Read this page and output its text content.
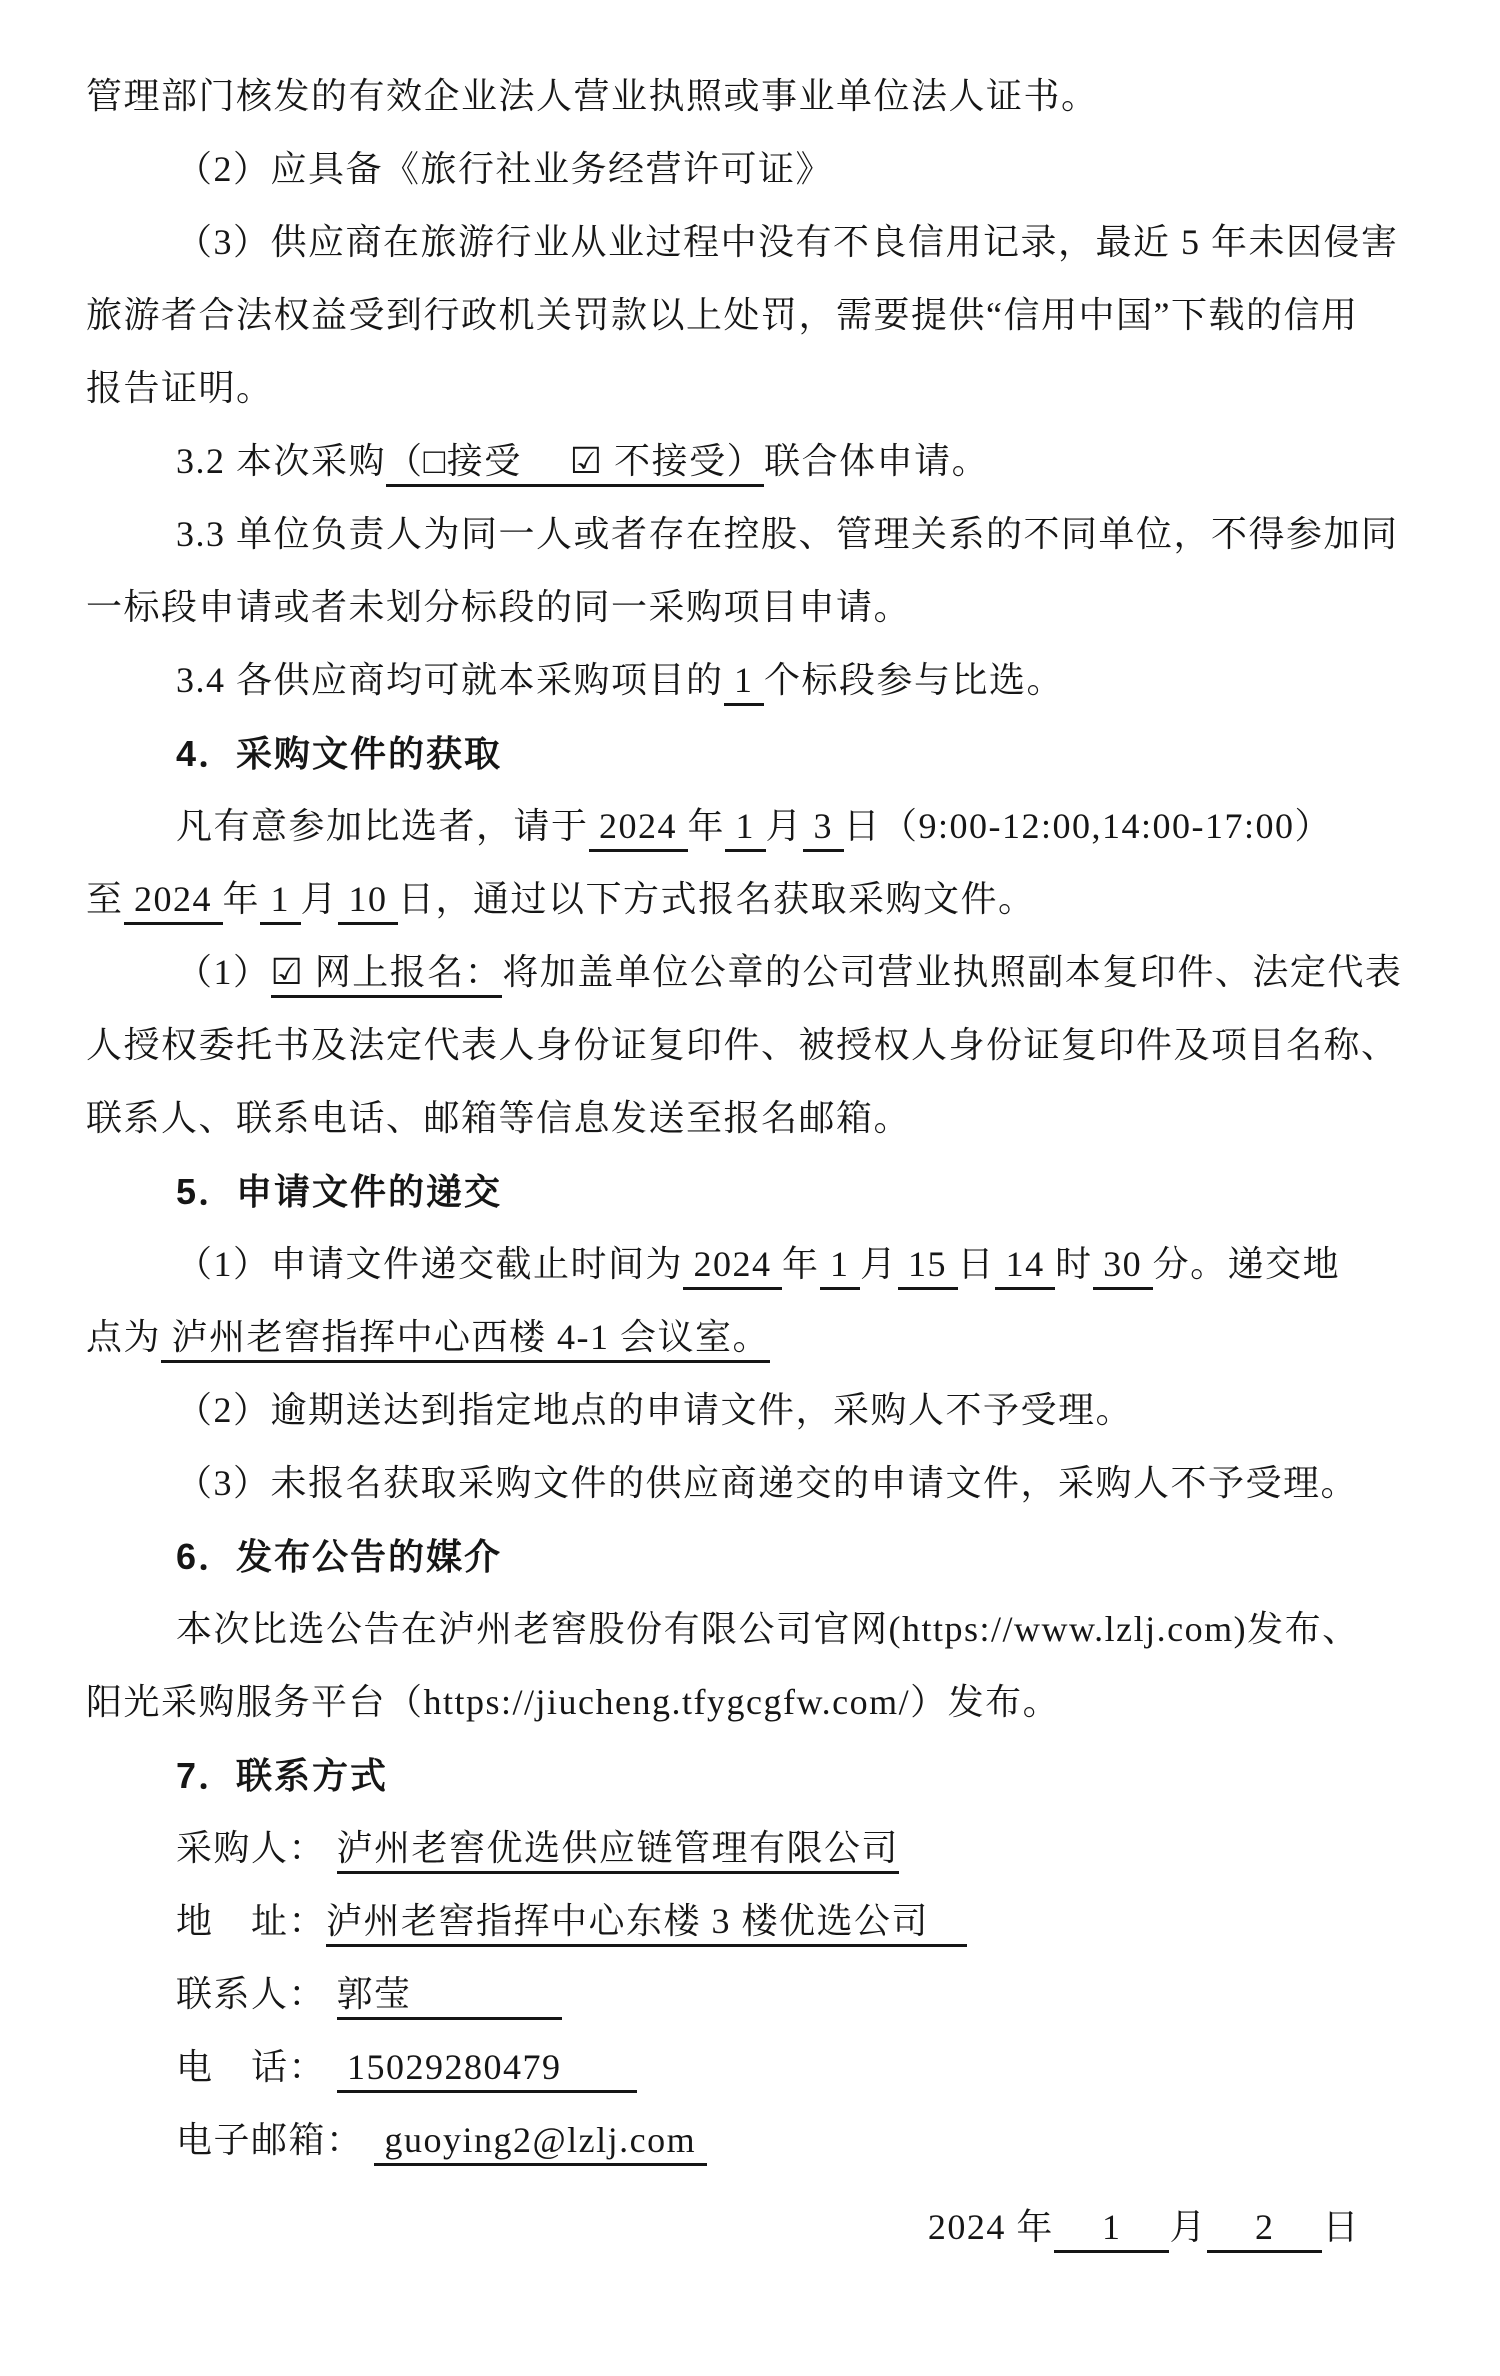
管理部门核发的有效企业法人营业执照或事业单位法人证书。
（2）应具备《旅行社业务经营许可证》
（3）供应商在旅游行业从业过程中没有不良信用记录，最近 5 年未因侵害
旅游者合法权益受到行政机关罚款以上处罚，需要提供“信用中国”下载的信用
报告证明。
3.2 本次采购（□接受　 ☑ 不接受）联合体申请。
3.3 单位负责人为同一人或者存在控股、管理关系的不同单位，不得参加同
一标段申请或者未划分标段的同一采购项目申请。
3.4 各供应商均可就本采购项目的 1 个标段参与比选。
4．采购文件的获取
凡有意参加比选者，请于 2024 年 1 月 3 日（9:00-12:00,14:00-17:00）
至 2024 年 1 月 10 日，通过以下方式报名获取采购文件。
（1）☑ 网上报名：将加盖单位公章的公司营业执照副本复印件、法定代表
人授权委托书及法定代表人身份证复印件、被授权人身份证复印件及项目名称、
联系人、联系电话、邮箱等信息发送至报名邮箱。
5．申请文件的递交
（1）申请文件递交截止时间为 2024 年 1 月 15 日 14 时 30 分。递交地
点为 泸州老窖指挥中心西楼 4-1 会议室。
（2）逾期送达到指定地点的申请文件，采购人不予受理。
（3）未报名获取采购文件的供应商递交的申请文件，采购人不予受理。
6．发布公告的媒介
本次比选公告在泸州老窖股份有限公司官网(https://www.lzlj.com)发布、
阳光采购服务平台（https://jiucheng.tfygcgfw.com/）发布。
7．联系方式
采购人： 泸州老窖优选供应链管理有限公司
地　址：泸州老窖指挥中心东楼 3 楼优选公司　
联系人： 郭莹　　　　
电　话：  15029280479　　
电子邮箱：  guoying2@lzlj.com
2024 年　 1 　月　 2 　日
